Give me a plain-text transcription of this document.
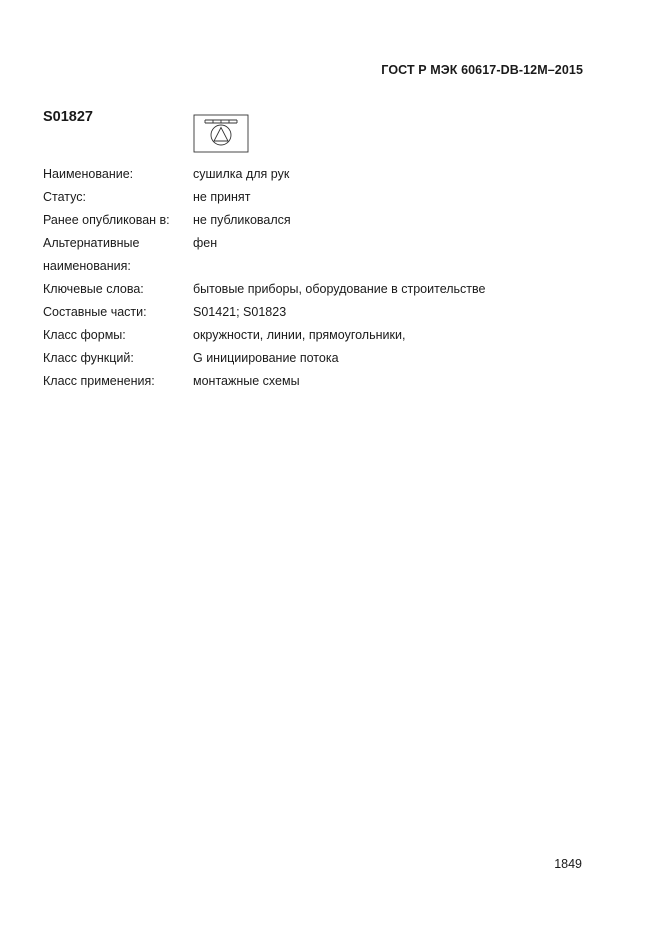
ГОСТ Р МЭК 60617-DB-12M–2015
S01827
Наименование:	сушилка для рук
Статус:	не принят
Ранее опубликован в:	не публиковался
Альтернативные наименования:
фен
Ключевые слова:	бытовые приборы, оборудование в строительстве
Составные части:	S01421; S01823
Класс формы:	окружности, линии, прямоугольники,
Класс функций:	G инициирование потока
Класс применения:	монтажные схемы
1849
